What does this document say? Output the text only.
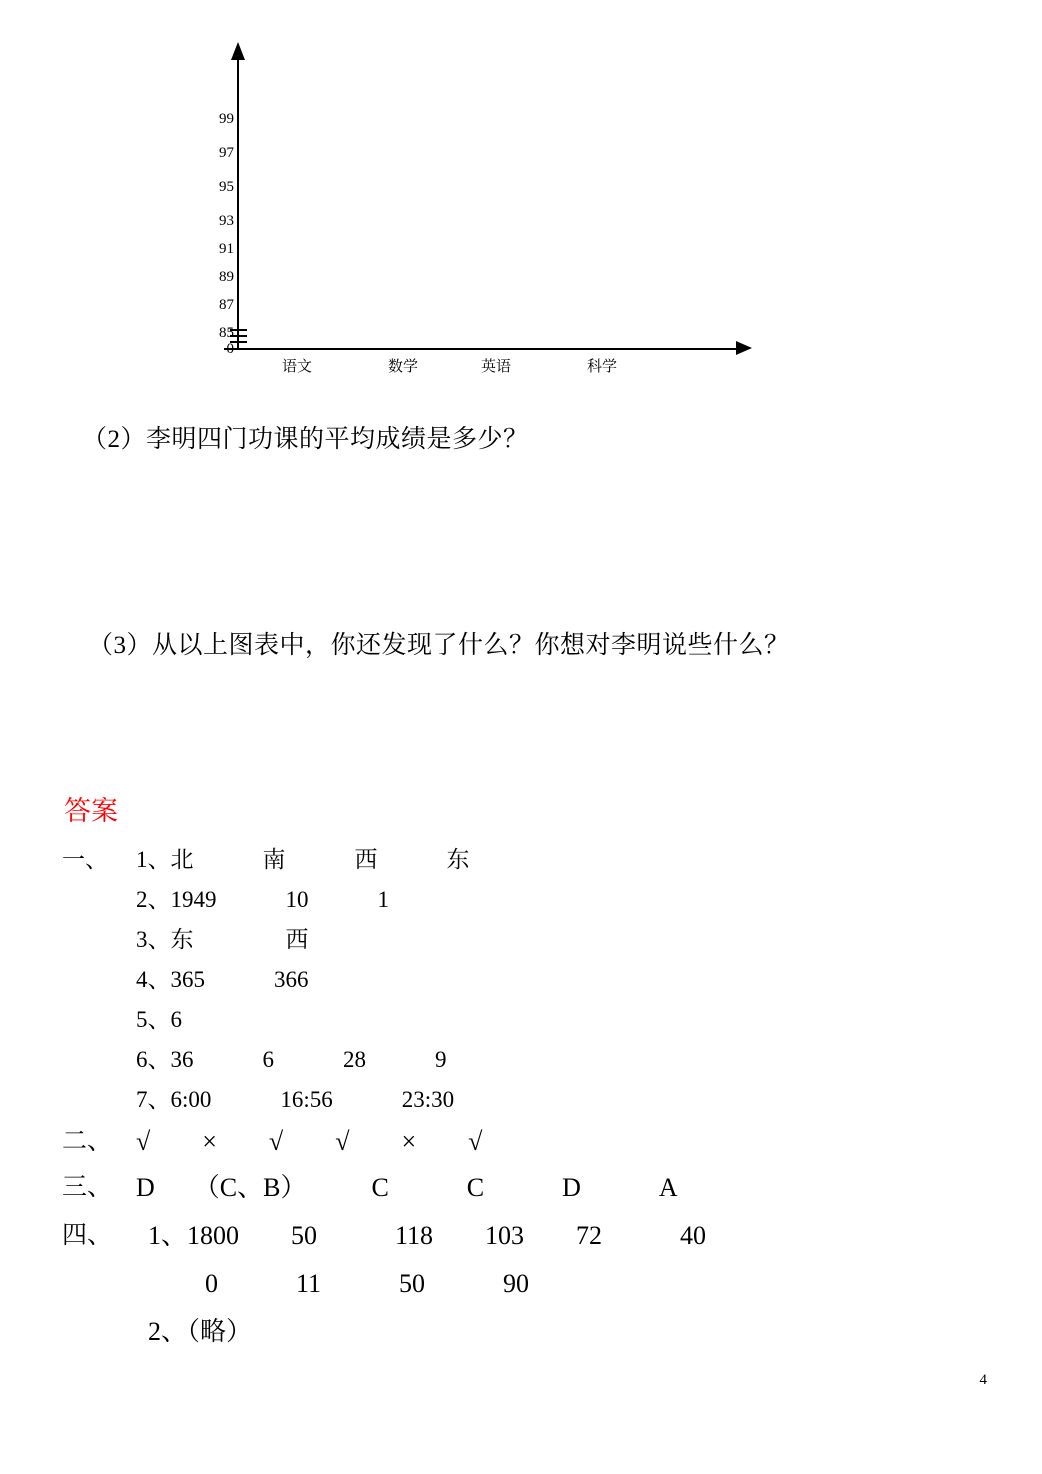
99
97
95
93
91
89
87
85
0
语文	数学	英语	科学
（2）李明四门功课的平均成绩是多少？
（3）从以上图表中，你还发现了什么？你想对李明说些什么？
答案
一、 1、北　　　南　　　西　　　东
2、1949　　　10　　　1
3、东　　　　西
4、365　　　366
5、6
6、36　　　6　　　28　　　9
7、6:00　　　16:56　　　23:30
二、 √　　×　　√　　√　　×　　√
三、 D　　（C、B）　　　C　　　C　　　D　　　A
四、 1、1800　　50　　　118　　103　　72　　　40
0　　　11　　　50　　　90
2、（略）
4
